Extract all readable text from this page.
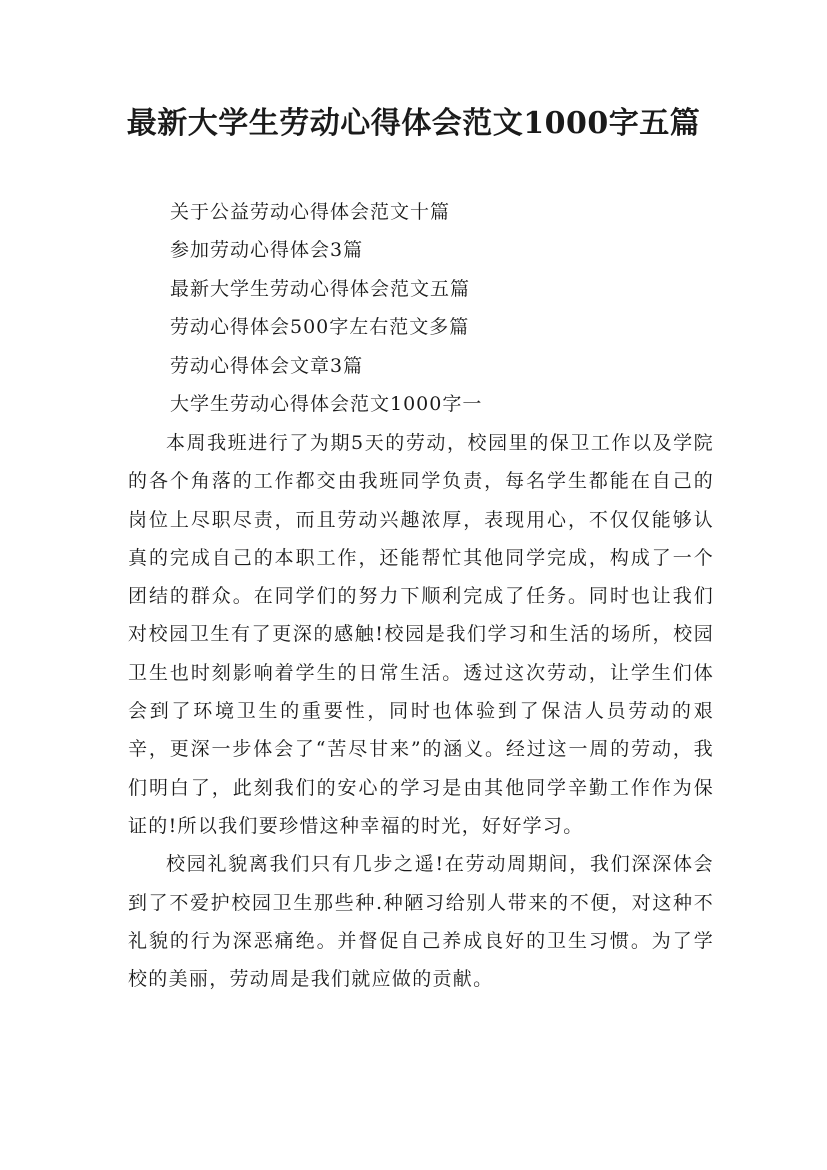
最新大学生劳动心得体会范文1000字五篇
关于公益劳动心得体会范文十篇
参加劳动心得体会3篇
最新大学生劳动心得体会范文五篇
劳动心得体会500字左右范文多篇
劳动心得体会文章3篇
大学生劳动心得体会范文1000字一

本周我班进行了为期5天的劳动，校园里的保卫工作以及学院的各个角落的工作都交由我班同学负责，每名学生都能在自己的岗位上尽职尽责，而且劳动兴趣浓厚，表现用心，不仅仅能够认真的完成自己的本职工作，还能帮忙其他同学完成，构成了一个团结的群众。在同学们的努力下顺利完成了任务。同时也让我们对校园卫生有了更深的感触!校园是我们学习和生活的场所，校园卫生也时刻影响着学生的日常生活。透过这次劳动，让学生们体会到了环境卫生的重要性，同时也体验到了保洁人员劳动的艰辛，更深一步体会了“苦尽甘来”的涵义。经过这一周的劳动，我们明白了，此刻我们的安心的学习是由其他同学辛勤工作作为保证的!所以我们要珍惜这种幸福的时光，好好学习。

校园礼貌离我们只有几步之遥!在劳动周期间，我们深深体会到了不爱护校园卫生那些种.种陋习给别人带来的不便，对这种不礼貌的行为深恶痛绝。并督促自己养成良好的卫生习惯。为了学校的美丽，劳动周是我们就应做的贡献。
